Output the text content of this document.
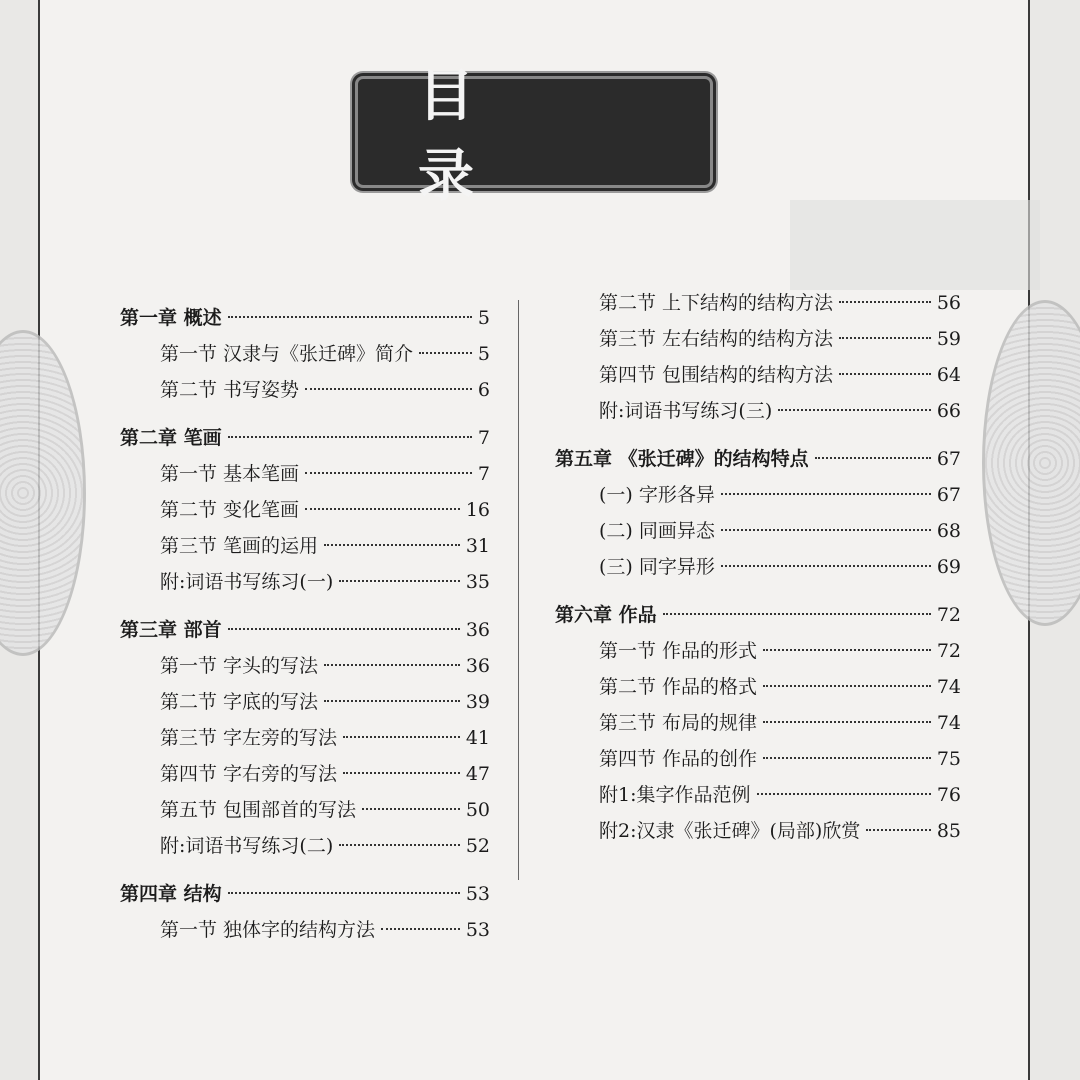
目 录
第一章 概述	5
第一节 汉隶与《张迁碑》简介	5
第二节 书写姿势	6
第二章 笔画	7
第一节 基本笔画	7
第二节 变化笔画	16
第三节 笔画的运用	31
附:词语书写练习(一)	35
第三章 部首	36
第一节 字头的写法	36
第二节 字底的写法	39
第三节 字左旁的写法	41
第四节 字右旁的写法	47
第五节 包围部首的写法	50
附:词语书写练习(二)	52
第四章 结构	53
第一节 独体字的结构方法	53
第二节 上下结构的结构方法	56
第三节 左右结构的结构方法	59
第四节 包围结构的结构方法	64
附:词语书写练习(三)	66
第五章 《张迁碑》的结构特点	67
(一) 字形各异	67
(二) 同画异态	68
(三) 同字异形	69
第六章 作品	72
第一节 作品的形式	72
第二节 作品的格式	74
第三节 布局的规律	74
第四节 作品的创作	75
附1:集字作品范例	76
附2:汉隶《张迁碑》(局部)欣赏	85
